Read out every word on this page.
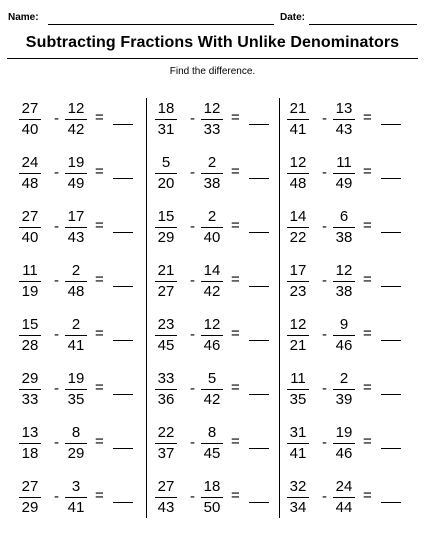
Name:	Date:
Subtracting Fractions With Unlike Denominators
Find the difference.
27
40
-
12
42
=
24
48
-
19
49
=
27
40
-
17
43
=
11
19
-
2
48
=
15
28
-
2
41
=
29
33
-
19
35
=
13
18
-
8
29
=
27
29
-
3
41
=
18
31
-
12
33
=
5
20
-
2
38
=
15
29
-
2
40
=
21
27
-
14
42
=
23
45
-
12
46
=
33
36
-
5
42
=
22
37
-
8
45
=
27
43
-
18
50
=
21
41
-
13
43
=
12
48
-
11
49
=
14
22
-
6
38
=
17
23
-
12
38
=
12
21
-
9
46
=
11
35
-
2
39
=
31
41
-
19
46
=
32
34
-
24
44
=
